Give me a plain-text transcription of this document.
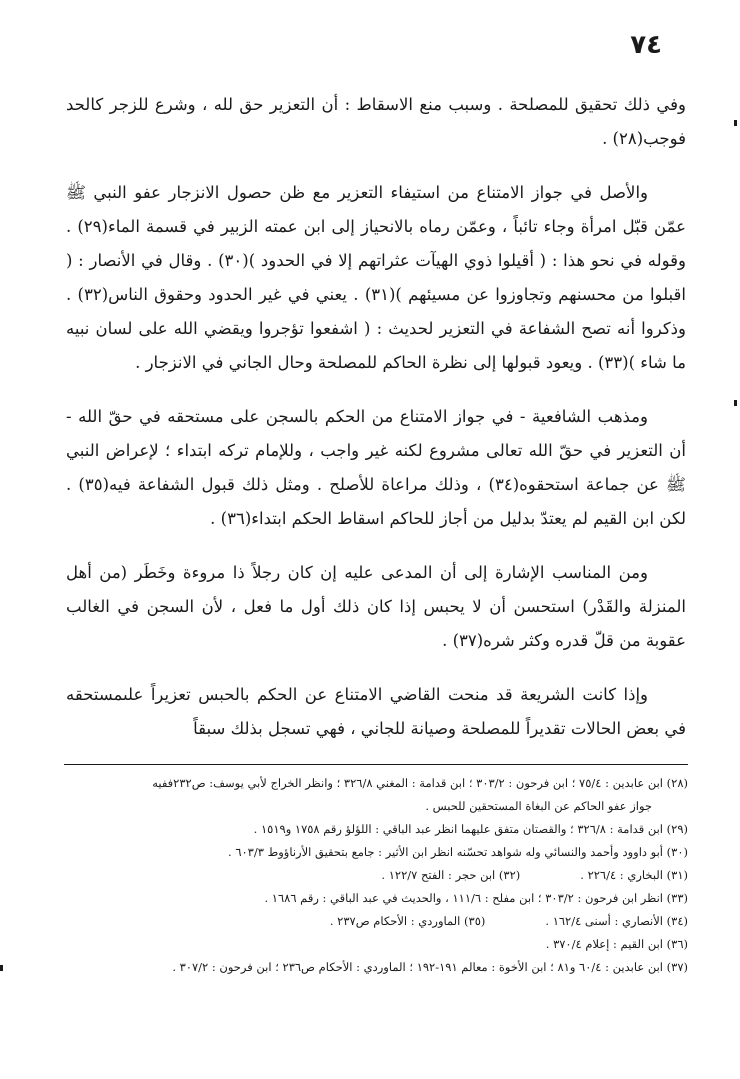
٧٤

وفي ذلك تحقيق للمصلحة . وسبب منع الاسقاط : أن التعزير حق لله ، وشرع للزجر كالحد فوجب(٢٨) .

والأصل في جواز الامتناع من استيفاء التعزير مع ظن حصول الانزجار عفو النبي ﷺ عمّن قبّل امرأة وجاء تائباً ، وعمّن رماه بالانحياز إلى ابن عمته الزبير في قسمة الماء(٢٩) . وقوله في نحو هذا : ( أقيلوا ذوي الهيآت عثراتهم إلا في الحدود )(٣٠) . وقال في الأنصار : ( اقبلوا من محسنهم وتجاوزوا عن مسيئهم )(٣١) . يعني في غير الحدود وحقوق الناس(٣٢) . وذكروا أنه تصح الشفاعة في التعزير لحديث : ( اشفعوا تؤجروا ويقضي الله على لسان نبيه ما شاء )(٣٣) . ويعود قبولها إلى نظرة الحاكم للمصلحة وحال الجاني في الانزجار .

ومذهب الشافعية - في جواز الامتناع من الحكم بالسجن على مستحقه في حقّ الله - أن التعزير في حقّ الله تعالى مشروع لكنه غير واجب ، وللإمام تركه ابتداء ؛ لإعراض النبي ﷺ عن جماعة استحقوه(٣٤) ، وذلك مراعاة للأصلح . ومثل ذلك قبول الشفاعة فيه(٣٥) . لكن ابن القيم لم يعتدّ بدليل من أجاز للحاكم اسقاط الحكم ابتداء(٣٦) .

ومن المناسب الإشارة إلى أن المدعى عليه إن كان رجلاً ذا مروءة وخَطَر (من أهل المنزلة والقَدْر) استحسن أن لا يحبس إذا كان ذلك أول ما فعل ، لأن السجن في الغالب عقوبة من قلّ قدره وكثر شره(٣٧) .

وإذا كانت الشريعة قد منحت القاضي الامتناع عن الحكم بالحبس تعزيراً علىمستحقه في بعض الحالات تقديراً للمصلحة وصيانة للجاني ، فهي تسجل بذلك سبقاً

(٢٨) ابن عابدين : ٧٥/٤ ؛ ابن فرحون : ٣٠٣/٢ ؛ ابن قدامة : المغني ٣٢٦/٨ ؛ وانظر الخراج لأبي يوسف: ص٢٣٢ففيه

جواز عفو الحاكم عن البغاة المستحقين للحبس .

(٢٩) ابن قدامة : ٣٢٦/٨ ؛ والقصتان متفق عليهما انظر عبد الباقي : اللؤلؤ رقم ١٧٥٨ و١٥١٩ .

(٣٠) أبو داوود وأحمد والنسائي وله شواهد تحسّنه انظر ابن الأثير : جامع بتحقيق الأرناؤوط ٦٠٣/٣ .

(٣١) البخاري : ٢٢٦/٤ .
(٣٢) ابن حجر : الفتح ١٢٢/٧ .

(٣٣) انظر ابن فرحون : ٣٠٣/٢ ؛ ابن مفلح : ١١١/٦ ، والحديث في عبد الباقي : رقم ١٦٨٦ .

(٣٤) الأنصاري : أسنى ١٦٢/٤ .
(٣٥) الماوردي : الأحكام ص٢٣٧ .

(٣٦) ابن القيم : إعلام ٣٧٠/٤ .

(٣٧) ابن عابدين : ٦٠/٤ و٨١ ؛ ابن الأخوة : معالم ١٩١-١٩٢ ؛ الماوردي : الأحكام ص٢٣٦ ؛ ابن فرحون : ٣٠٧/٢ .
